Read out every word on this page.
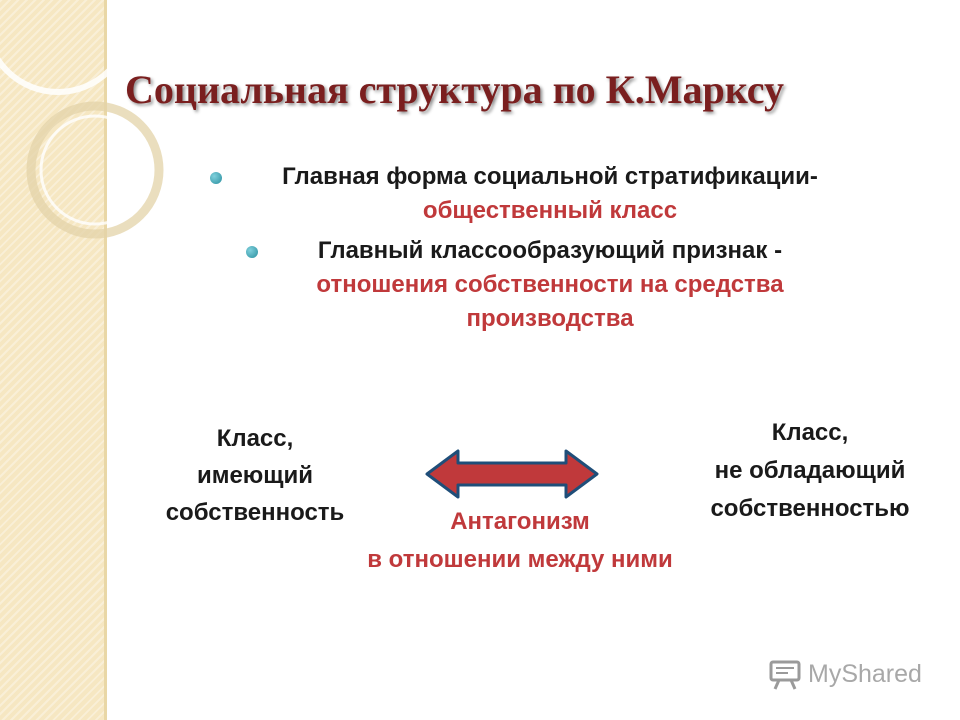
Социальная структура по К.Марксу
Главная форма социальной стратификации-
общественный класс
Главный классообразующий признак -
отношения собственности на средства
производства
Класс,
имеющий
собственность
Класс,
не обладающий
собственностью
Антагонизм
в отношении между ними
MyShared
